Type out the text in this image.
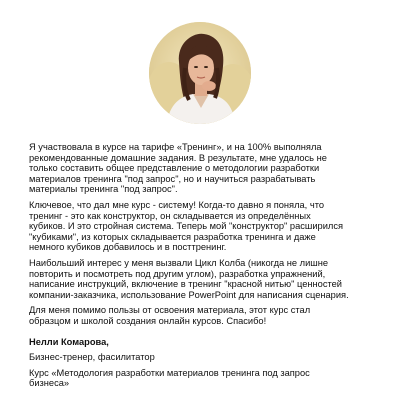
Я участвовала в курсе на тарифе «Тренинг», и на 100% выполняла
рекомендованные домашние задания. В результате, мне удалось не
только составить общее представление о методологии разработки
материалов тренинга "под запрос", но и научиться разрабатывать
материалы тренинга "под запрос".

Ключевое, что дал мне курс - систему! Когда-то давно я поняла, что
тренинг - это как конструктор, он складывается из определённых
кубиков. И это стройная система. Теперь мой "конструктор" расширился
"кубиками", из которых складывается разработка тренинга и даже
немного кубиков добавилось и в посттренинг.

Наибольший интерес у меня вызвали Цикл Колба (никогда не лишне
повторить и посмотреть под другим углом), разработка упражнений,
написание инструкций, включение в тренинг "красной нитью" ценностей
компании-заказчика, использование PowerPoint для написания сценария.

Для меня помимо пользы от освоения материала, этот курс стал
образцом и школой создания онлайн курсов. Спасибо!

Нелли Комарова,
Бизнес-тренер, фасилитатор
Курс «Методология разработки материалов тренинга под запрос
бизнеса»
